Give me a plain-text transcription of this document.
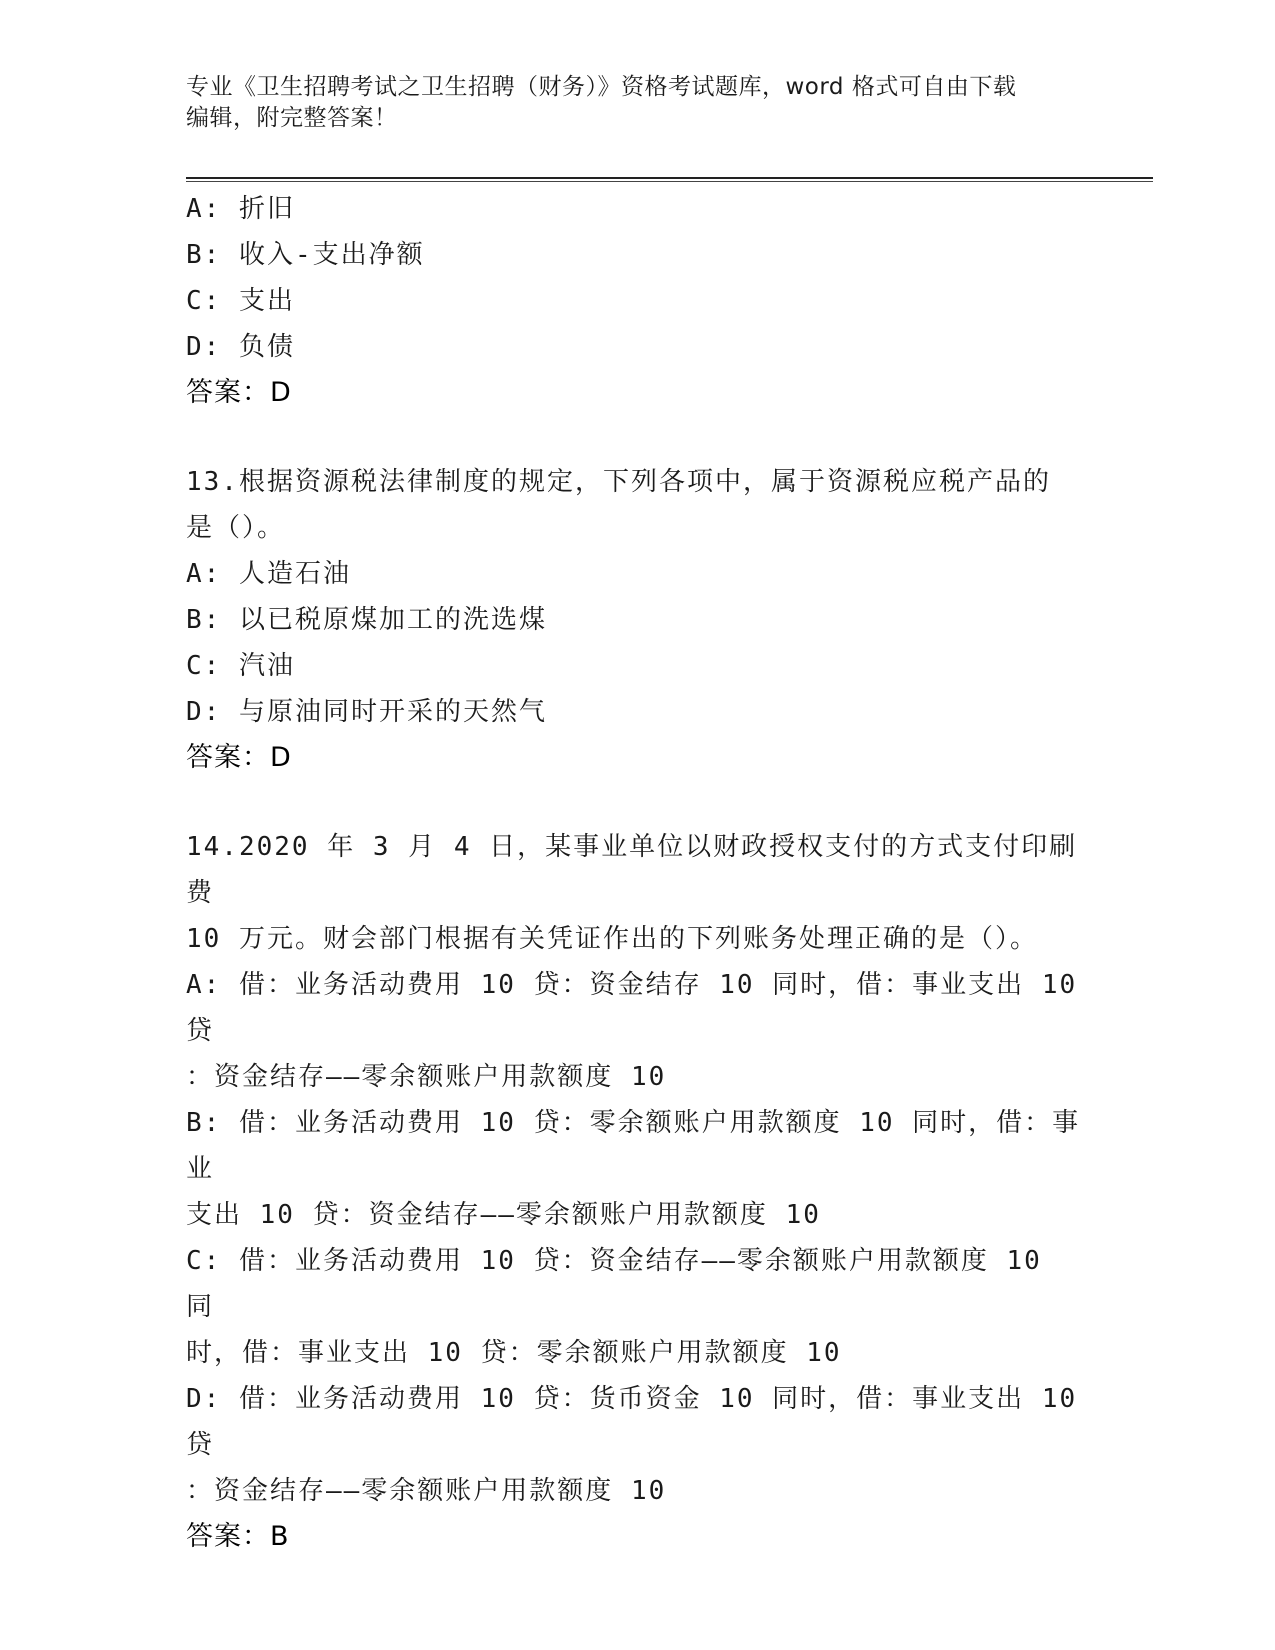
专业《卫生招聘考试之卫生招聘（财务）》资格考试题库，word 格式可自由下载
编辑，附完整答案！

A: 折旧

B: 收入-支出净额

C: 支出

D: 负债

答案：D

13.根据资源税法律制度的规定，下列各项中，属于资源税应税产品的

是（）。

A: 人造石油

B: 以已税原煤加工的洗选煤

C: 汽油

D: 与原油同时开采的天然气

答案：D

14.2020 年 3 月 4 日，某事业单位以财政授权支付的方式支付印刷费

10 万元。财会部门根据有关凭证作出的下列账务处理正确的是（）。

A: 借：业务活动费用 10 贷：资金结存 10 同时，借：事业支出 10 贷

：资金结存——零余额账户用款额度 10

B: 借：业务活动费用 10 贷：零余额账户用款额度 10 同时，借：事业

支出 10 贷：资金结存——零余额账户用款额度 10

C: 借：业务活动费用 10 贷：资金结存——零余额账户用款额度 10 同

时，借：事业支出 10 贷：零余额账户用款额度 10

D: 借：业务活动费用 10 贷：货币资金 10 同时，借：事业支出 10 贷

：资金结存——零余额账户用款额度 10

答案：B
